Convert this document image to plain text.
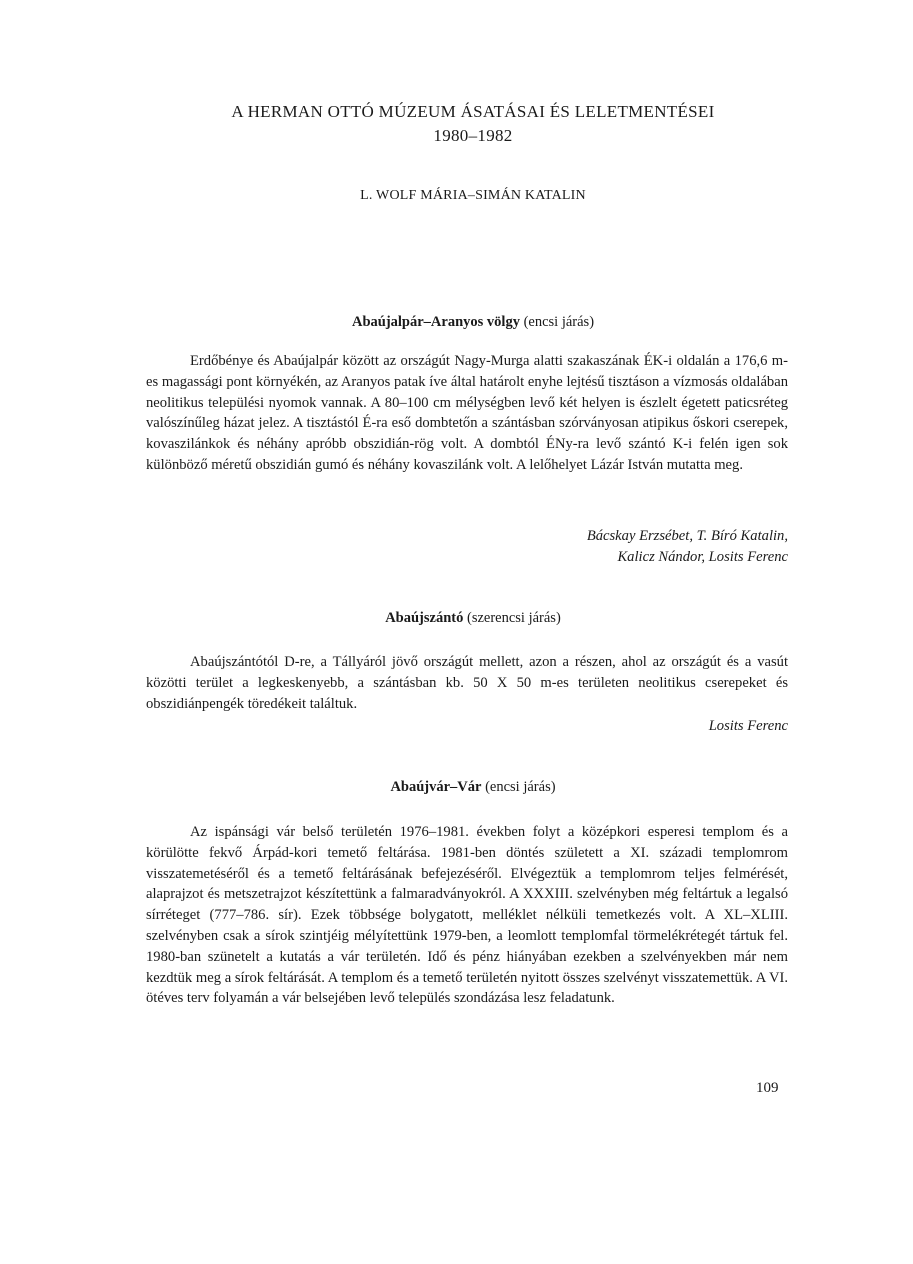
A HERMAN OTTÓ MÚZEUM ÁSATÁSAI ÉS LELETMENTÉSEI
1980–1982
L. WOLF MÁRIA–SIMÁN KATALIN
Abaújalpár–Aranyos völgy (encsi járás)

Erdőbénye és Abaújalpár között az országút Nagy-Murga alatti szakaszának ÉK-i oldalán a 176,6 m-es magassági pont környékén, az Aranyos patak íve által határolt enyhe lejtésű tisztáson a vízmosás oldalában neolitikus települési nyomok vannak. A 80–100 cm mélységben levő két helyen is észlelt égetett paticsréteg valószínűleg házat jelez. A tisztástól É-ra eső dombtetőn a szántásban szórványosan atipikus őskori cserepek, kovaszilánkok és néhány apróbb obszidián-rög volt. A dombtól ÉNy-ra levő szántó K-i felén igen sok különböző méretű obszidián gumó és néhány kovaszilánk volt. A lelőhelyet Lázár István mutatta meg.

Bácskay Erzsébet, T. Bíró Katalin,
Kalicz Nándor, Losits Ferenc
Abaújszántó (szerencsi járás)

Abaújszántótól D-re, a Tállyáról jövő országút mellett, azon a részen, ahol az országút és a vasút közötti terület a legkeskenyebb, a szántásban kb. 50 X 50 m-es területen neolitikus cserepeket és obszidiánpengék töredékeit találtuk.

Losits Ferenc
Abaújvár–Vár (encsi járás)

Az ispánsági vár belső területén 1976–1981. években folyt a középkori esperesi templom és a körülötte fekvő Árpád-kori temető feltárása. 1981-ben döntés született a XI. századi templomrom visszatemetéséről és a temető feltárásának befejezéséről. Elvégeztük a templomrom teljes felmérését, alaprajzot és metszetrajzot készítettünk a falmaradványokról. A XXXIII. szelvényben még feltártuk a legalsó sírréteget (777–786. sír). Ezek többsége bolygatott, melléklet nélküli temetkezés volt. A XL–XLIII. szelvényben csak a sírok szintjéig mélyítettünk 1979-ben, a leomlott templomfal törmelékrétegét tártuk fel. 1980-ban szünetelt a kutatás a vár területén. Idő és pénz hiányában ezekben a szelvényekben már nem kezdtük meg a sírok feltárását. A templom és a temető területén nyitott összes szelvényt visszatemettük. A VI. ötéves terv folyamán a vár belsejében levő település szondázása lesz feladatunk.

109
